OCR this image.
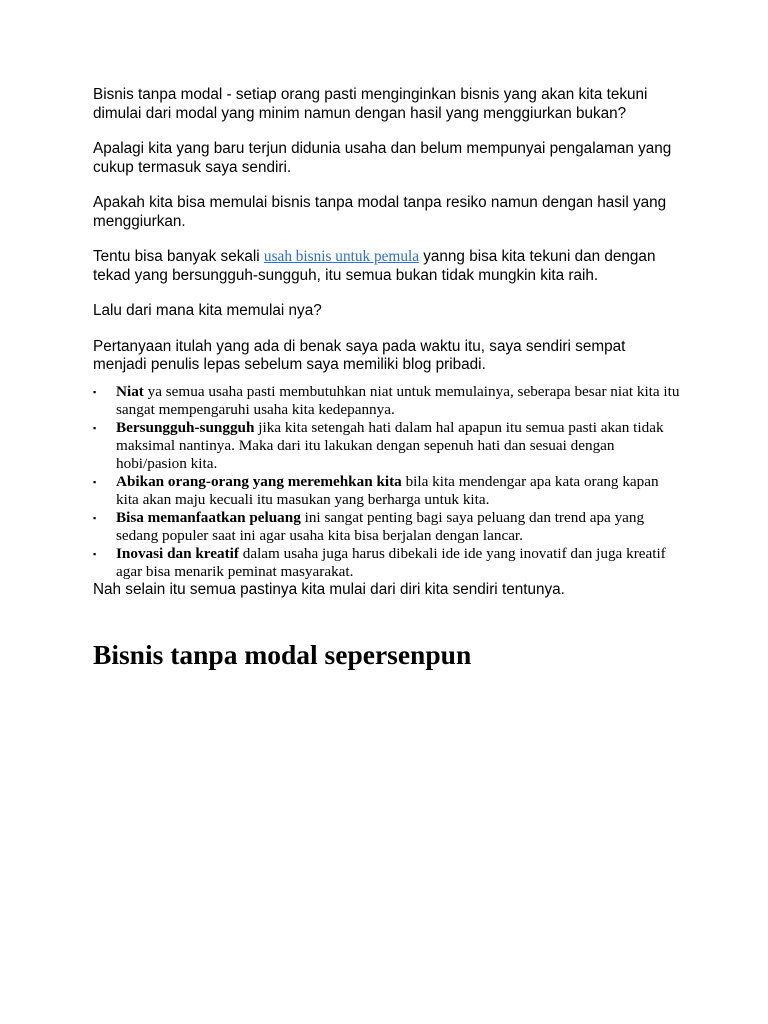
Bisnis tanpa modal - setiap orang pasti menginginkan bisnis yang akan kita tekuni dimulai dari modal yang minim namun dengan hasil yang menggiurkan bukan?

Apalagi kita yang baru terjun didunia usaha dan belum mempunyai pengalaman yang cukup termasuk saya sendiri.

Apakah kita bisa memulai bisnis tanpa modal tanpa resiko namun dengan hasil yang menggiurkan.

Tentu bisa banyak sekali usah bisnis untuk pemula yanng bisa kita tekuni dan dengan tekad yang bersungguh-sungguh, itu semua bukan tidak mungkin kita raih.

Lalu dari mana kita memulai nya?

Pertanyaan itulah yang ada di benak saya pada waktu itu, saya sendiri sempat menjadi penulis lepas sebelum saya memiliki blog pribadi.

▪
Niat ya semua usaha pasti membutuhkan niat untuk memulainya, seberapa besar niat kita itu sangat mempengaruhi usaha kita kedepannya.
▪
Bersungguh-sungguh jika kita setengah hati dalam hal apapun itu semua pasti akan tidak maksimal nantinya. Maka dari itu lakukan dengan sepenuh hati dan sesuai dengan hobi/pasion kita.
▪
Abikan orang-orang yang meremehkan kita bila kita mendengar apa kata orang kapan kita akan maju kecuali itu masukan yang berharga untuk kita.
▪
Bisa memanfaatkan peluang ini sangat penting bagi saya peluang dan trend apa yang sedang populer saat ini agar usaha kita bisa berjalan dengan lancar.
▪
Inovasi dan kreatif dalam usaha juga harus dibekali ide ide yang inovatif dan juga kreatif agar bisa menarik peminat masyarakat.

Nah selain itu semua pastinya kita mulai dari diri kita sendiri tentunya.

Bisnis tanpa modal sepersenpun
